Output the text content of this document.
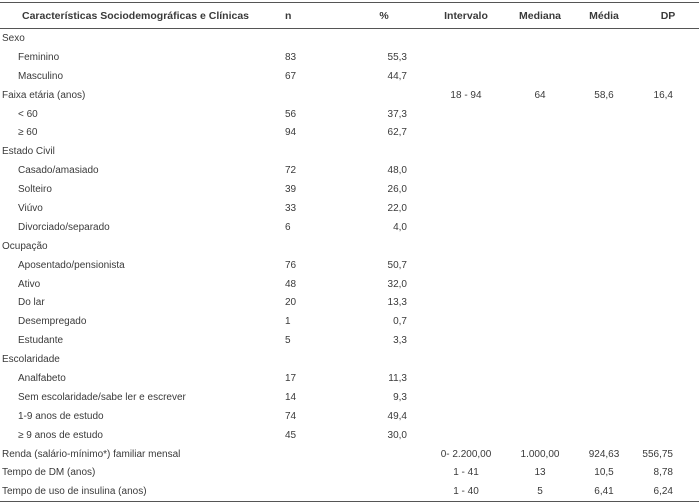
Características Sociodemográficas e Clínicas	n	%	Intervalo	Mediana	Média	DP
Sexo						
Feminino	83	55,3				
Masculino	67	44,7				
Faixa etária (anos)			18 - 94	64	58,6	16,4
< 60	56	37,3				
≥ 60	94	62,7				
Estado Civil						
Casado/amasiado	72	48,0				
Solteiro	39	26,0				
Viúvo	33	22,0				
Divorciado/separado	6	4,0				
Ocupação						
Aposentado/pensionista	76	50,7				
Ativo	48	32,0				
Do lar	20	13,3				
Desempregado	1	0,7				
Estudante	5	3,3				
Escolaridade						
Analfabeto	17	11,3				
Sem escolaridade/sabe ler e escrever	14	9,3				
1-9 anos de estudo	74	49,4				
≥ 9 anos de estudo	45	30,0				
Renda (salário-mínimo*) familiar mensal			0- 2.200,00	1.000,00	924,63	556,75
Tempo de DM (anos)			1 - 41	13	10,5	8,78
Tempo de uso de insulina (anos)			1 - 40	5	6,41	6,24
